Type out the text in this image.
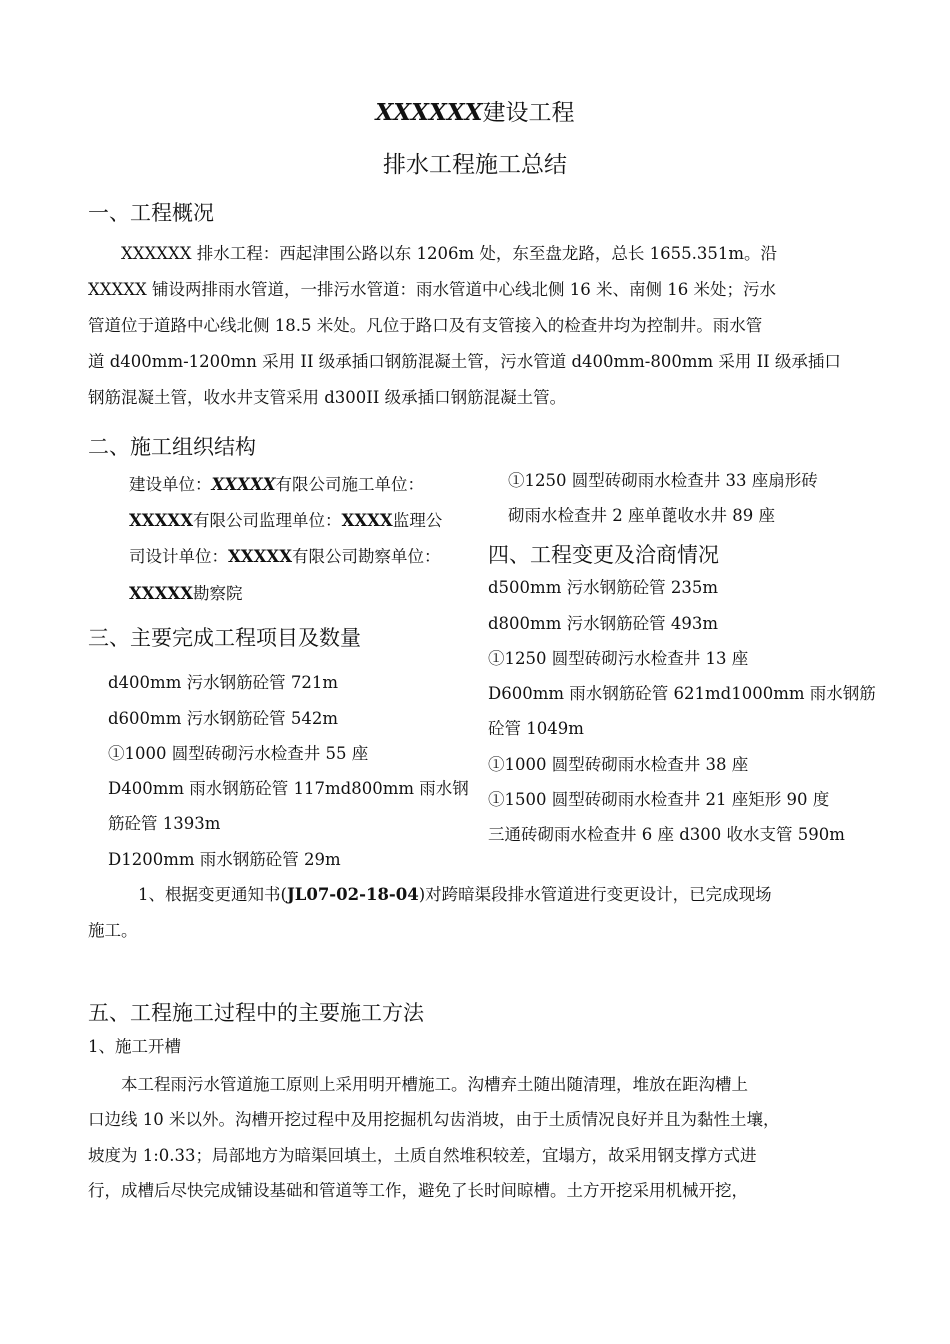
XXXXXX建设工程
排水工程施工总结
一、工程概况
XXXXXX 排水工程：西起津围公路以东 1206m 处，东至盘龙路，总长 1655.351m。沿
XXXXX 铺设两排雨水管道，一排污水管道：雨水管道中心线北侧 16 米、南侧 16 米处；污水
管道位于道路中心线北侧 18.5 米处。凡位于路口及有支管接入的检查井均为控制井。雨水管
道 d400mm-1200mn 采用 II 级承插口钢筋混凝土管，污水管道 d400mm-800mm 采用 II 级承插口
钢筋混凝土管，收水井支管采用 d300II 级承插口钢筋混凝土管。
二、施工组织结构
建设单位：XXXXX有限公司施工单位：
XXXXX有限公司监理单位：XXXX监理公
司设计单位：XXXXX有限公司勘察单位：
XXXXX勘察院
①1250 圆型砖砌雨水检查井 33 座扇形砖
砌雨水检查井 2 座单蓖收水井 89 座
四、工程变更及洽商情况
d500mm 污水钢筋砼管 235m
d800mm 污水钢筋砼管 493m
①1250 圆型砖砌污水检查井 13 座
D600mm 雨水钢筋砼管 621md1000mm 雨水钢筋
砼管 1049m
①1000 圆型砖砌雨水检查井 38 座
①1500 圆型砖砌雨水检查井 21 座矩形 90 度
三通砖砌雨水检查井 6 座 d300 收水支管 590m
三、主要完成工程项目及数量
d400mm 污水钢筋砼管 721m
d600mm 污水钢筋砼管 542m
①1000 圆型砖砌污水检查井 55 座
D400mm 雨水钢筋砼管 117md800mm 雨水钢
筋砼管 1393m
D1200mm 雨水钢筋砼管 29m
1、根据变更通知书(JL07-02-18-04)对跨暗渠段排水管道进行变更设计，已完成现场
施工。
五、工程施工过程中的主要施工方法
1、施工开槽
本工程雨污水管道施工原则上采用明开槽施工。沟槽弃土随出随清理，堆放在距沟槽上
口边线 10 米以外。沟槽开挖过程中及用挖掘机勾齿消坡，由于土质情况良好并且为黏性土壤，
坡度为 1:0.33；局部地方为暗渠回填土，土质自然堆积较差，宜塌方，故采用钢支撑方式进
行，成槽后尽快完成铺设基础和管道等工作，避免了长时间晾槽。土方开挖采用机械开挖，
